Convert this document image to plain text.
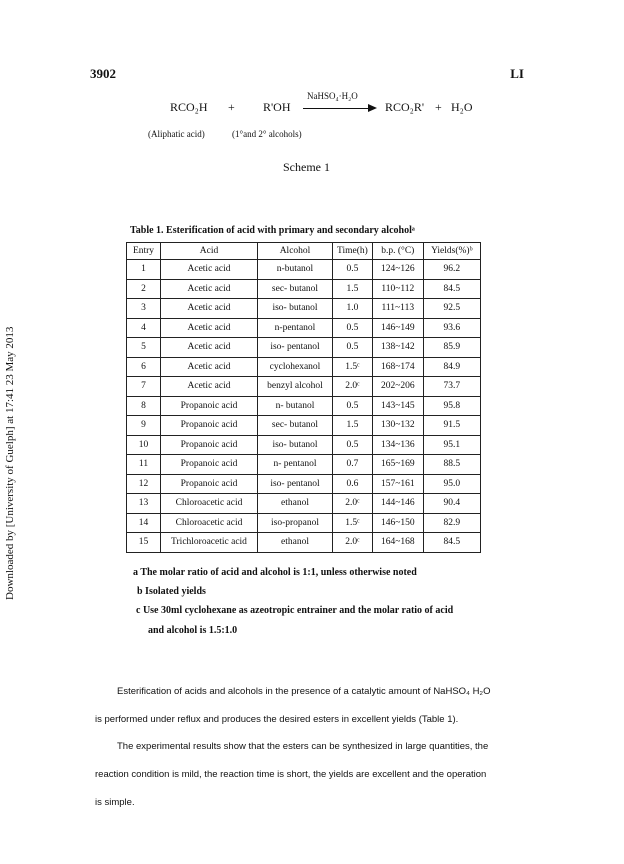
3902	LI
Downloaded by [University of Guelph] at 17:41 23 May 2013
RCO₂H + R'OH
NaHSO₄·H₂O
RCO₂R' + H₂O
(Aliphatic acid)	(1°and 2° alcohols)
Scheme 1
Table 1. Esterification of acid with primary and secondary alcoholᵃ
Entry	Acid	Alcohol	Time(h)	b.p. (°C)	Yields(%)ᵇ
1	Acetic acid	n-butanol	0.5	124~126	96.2
2	Acetic acid	sec- butanol	1.5	110~112	84.5
3	Acetic acid	iso- butanol	1.0	111~113	92.5
4	Acetic acid	n-pentanol	0.5	146~149	93.6
5	Acetic acid	iso- pentanol	0.5	138~142	85.9
6	Acetic acid	cyclohexanol	1.5ᶜ	168~174	84.9
7	Acetic acid	benzyl alcohol	2.0ᶜ	202~206	73.7
8	Propanoic acid	n- butanol	0.5	143~145	95.8
9	Propanoic acid	sec- butanol	1.5	130~132	91.5
10	Propanoic acid	iso- butanol	0.5	134~136	95.1
11	Propanoic acid	n- pentanol	0.7	165~169	88.5
12	Propanoic acid	iso- pentanol	0.6	157~161	95.0
13	Chloroacetic acid	ethanol	2.0ᶜ	144~146	90.4
14	Chloroacetic acid	iso-propanol	1.5ᶜ	146~150	82.9
15	Trichloroacetic acid	ethanol	2.0ᶜ	164~168	84.5
a The molar ratio of acid and alcohol is 1:1, unless otherwise noted
b Isolated yields
c Use 30ml cyclohexane as azeotropic entrainer and the molar ratio of acid
and alcohol is 1.5:1.0
Esterification of acids and alcohols in the presence of a catalytic amount of NaHSO₄ H₂O
is performed under reflux and produces the desired esters in excellent yields (Table 1).
The experimental results show that the esters can be synthesized in large quantities, the
reaction condition is mild, the reaction time is short, the yields are excellent and the operation
is simple.
